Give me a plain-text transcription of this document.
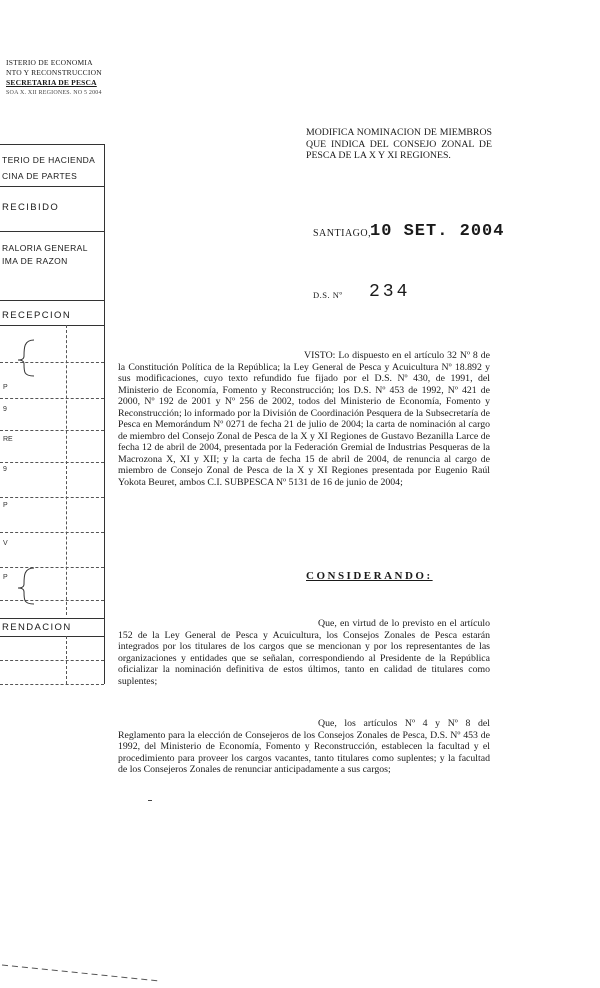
ISTERIO DE ECONOMIA
NTO Y RECONSTRUCCION
SECRETARIA DE PESCA
SOA X. XII REGIONES. NO 5 2004
TERIO DE HACIENDA
CINA DE PARTES
RECIBIDO
RALORIA GENERAL
IMA DE RAZON
RECEPCION
P
9
RE
9
P
V
P
RENDACION
MODIFICA NOMINACION DE MIEMBROS QUE INDICA DEL CONSEJO ZONAL DE PESCA DE LA X Y XI REGIONES.
SANTIAGO,
10 SET. 2004
D.S. Nº 234
VISTO: Lo dispuesto en el artículo 32 Nº 8 de la Constitución Política de la República; la Ley General de Pesca y Acuicultura Nº 18.892 y sus modificaciones, cuyo texto refundido fue fijado por el D.S. Nº 430, de 1991, del Ministerio de Economía, Fomento y Reconstrucción; los D.S. Nº 453 de 1992, Nº 421 de 2000, Nº 192 de 2001 y Nº 256 de 2002, todos del Ministerio de Economía, Fomento y Reconstrucción; lo informado por la División de Coordinación Pesquera de la Subsecretaría de Pesca en Memorándum Nº 0271 de fecha 21 de julio de 2004; la carta de nominación al cargo de miembro del Consejo Zonal de Pesca de la X y XI Regiones de Gustavo Bezanilla Larce de fecha 12 de abril de 2004, presentada por la Federación Gremial de Industrias Pesqueras de la Macrozona X, XI y XII; y la carta de fecha 15 de abril de 2004, de renuncia al cargo de miembro de Consejo Zonal de Pesca de la X y XI Regiones presentada por Eugenio Raúl Yokota Beuret, ambos C.I. SUBPESCA Nº 5131 de 16 de junio de 2004;
CONSIDERANDO:
Que, en virtud de lo previsto en el artículo 152 de la Ley General de Pesca y Acuicultura, los Consejos Zonales de Pesca estarán integrados por los titulares de los cargos que se mencionan y por los representantes de las organizaciones y entidades que se señalan, correspondiendo al Presidente de la República oficializar la nominación definitiva de estos últimos, tanto en calidad de titulares como suplentes;
Que, los artículos Nº 4 y Nº 8 del Reglamento para la elección de Consejeros de los Consejos Zonales de Pesca, D.S. Nº 453 de 1992, del Ministerio de Economía, Fomento y Reconstrucción, establecen la facultad y el procedimiento para proveer los cargos vacantes, tanto titulares como suplentes; y la facultad de los Consejeros Zonales de renunciar anticipadamente a sus cargos;
